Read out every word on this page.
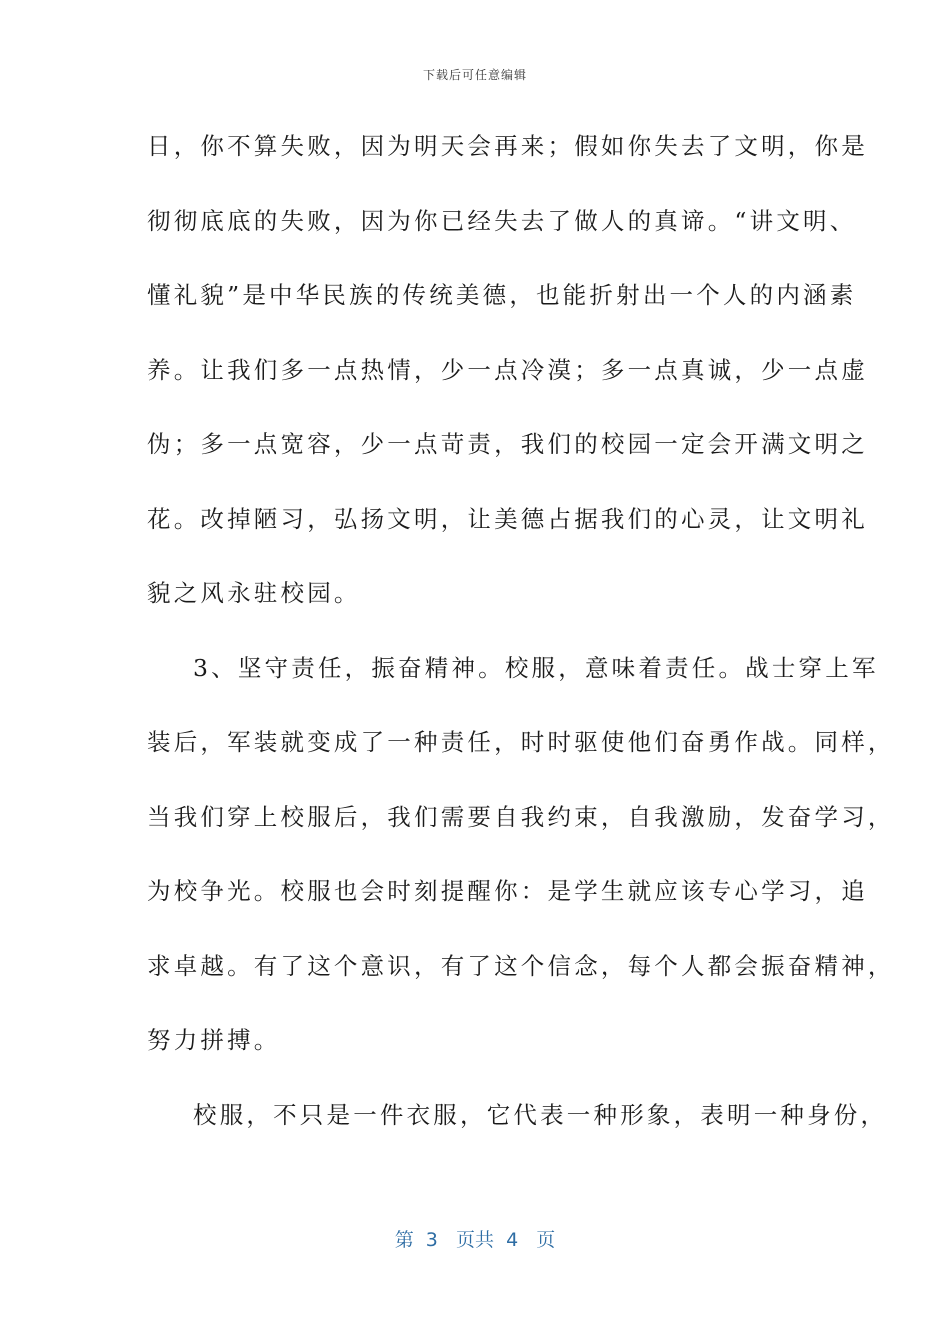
下载后可任意编辑
日，你不算失败，因为明天会再来；假如你失去了文明，你是
彻彻底底的失败，因为你已经失去了做人的真谛。“讲文明、
懂礼貌”是中华民族的传统美德，也能折射出一个人的内涵素
养。让我们多一点热情，少一点冷漠；多一点真诚，少一点虚
伪；多一点宽容，少一点苛责，我们的校园一定会开满文明之
花。改掉陋习，弘扬文明，让美德占据我们的心灵，让文明礼
貌之风永驻校园。
3、坚守责任，振奋精神。校服，意味着责任。战士穿上军
装后，军装就变成了一种责任，时时驱使他们奋勇作战。同样，
当我们穿上校服后，我们需要自我约束，自我激励，发奋学习，
为校争光。校服也会时刻提醒你：是学生就应该专心学习，追
求卓越。有了这个意识，有了这个信念，每个人都会振奋精神，
努力拼搏。
校服，不只是一件衣服，它代表一种形象，表明一种身份，
第  3   页共  4   页
